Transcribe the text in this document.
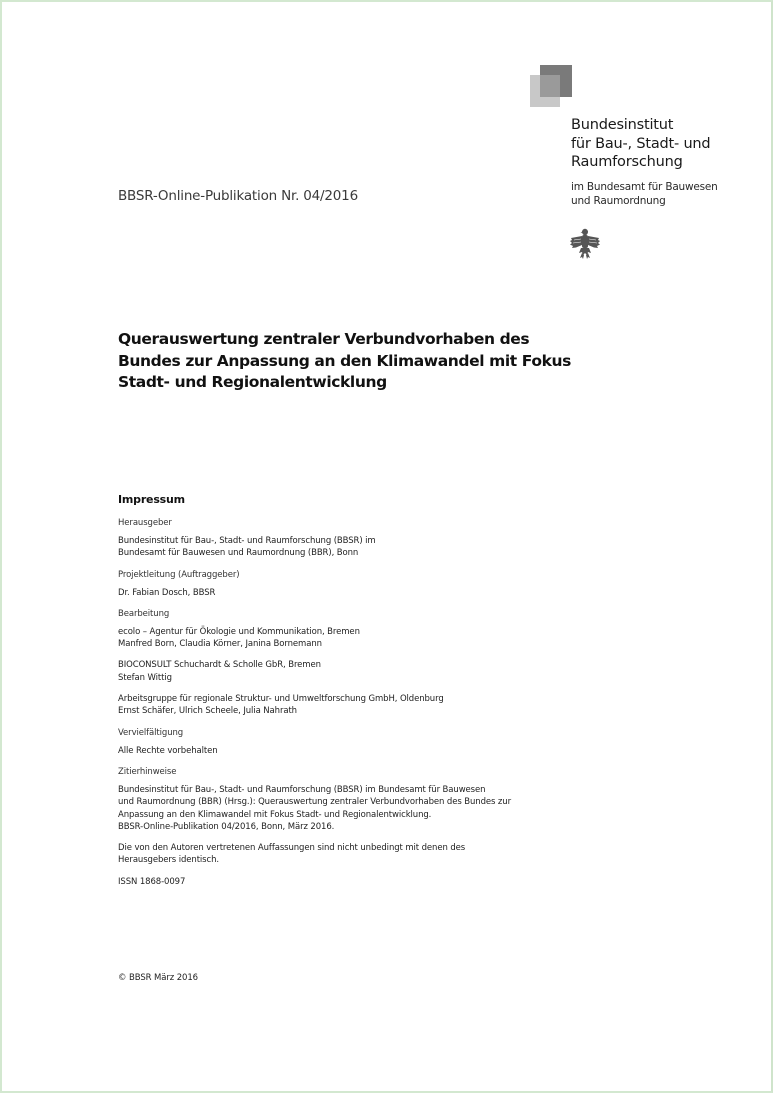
Bundesinstitut
für Bau-, Stadt- und
Raumforschung
im Bundesamt für Bauwesen
und Raumordnung
BBSR-Online-Publikation Nr. 04/2016
Querauswertung zentraler Verbundvorhaben des
Bundes zur Anpassung an den Klimawandel mit Fokus
Stadt- und Regionalentwicklung
Impressum
Herausgeber
Bundesinstitut für Bau-, Stadt- und Raumforschung (BBSR) im
Bundesamt für Bauwesen und Raumordnung (BBR), Bonn
Projektleitung (Auftraggeber)
Dr. Fabian Dosch, BBSR
Bearbeitung
ecolo – Agentur für Ökologie und Kommunikation, Bremen
Manfred Born, Claudia Körner, Janina Bornemann
BIOCONSULT Schuchardt & Scholle GbR, Bremen
Stefan Wittig
Arbeitsgruppe für regionale Struktur- und Umweltforschung GmbH, Oldenburg
Ernst Schäfer, Ulrich Scheele, Julia Nahrath
Vervielfältigung
Alle Rechte vorbehalten
Zitierhinweise
Bundesinstitut für Bau-, Stadt- und Raumforschung (BBSR) im Bundesamt für Bauwesen
und Raumordnung (BBR) (Hrsg.): Querauswertung zentraler Verbundvorhaben des Bundes zur
Anpassung an den Klimawandel mit Fokus Stadt- und Regionalentwicklung.
BBSR-Online-Publikation 04/2016, Bonn, März 2016.
Die von den Autoren vertretenen Auffassungen sind nicht unbedingt mit denen des
Herausgebers identisch.
ISSN 1868-0097
© BBSR März 2016
